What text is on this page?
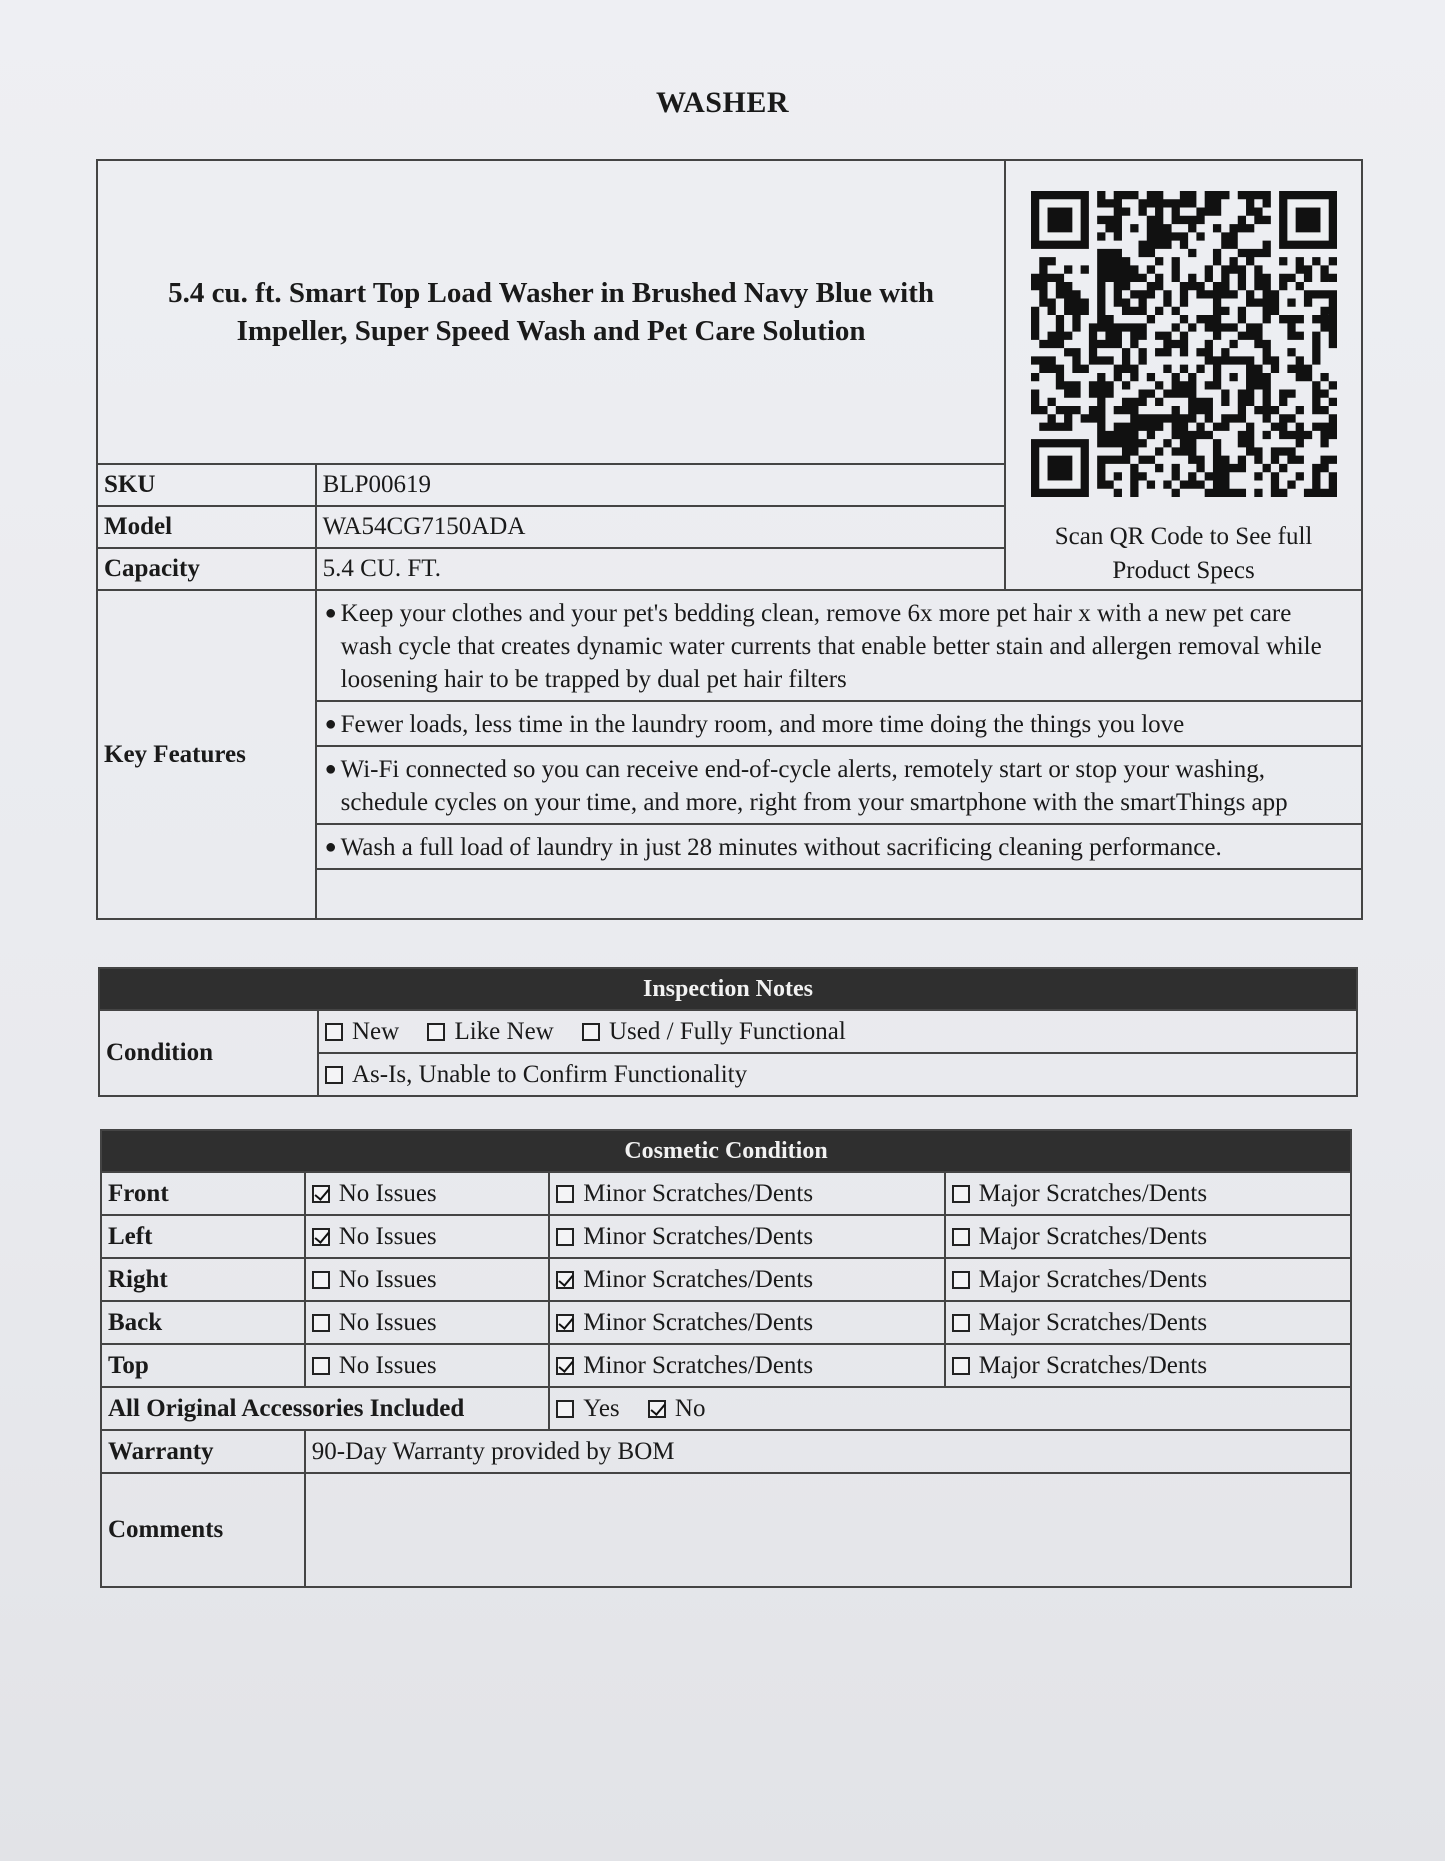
WASHER
5.4 cu. ft. Smart Top Load Washer in Brushed Navy Blue with
Impeller, Super Speed Wash and Pet Care Solution	
Scan QR Code to See full
Product Specs

SKU	BLP00619
Model	WA54CG7150ADA
Capacity	5.4 CU. FT.
Key Features	
● Keep your clothes and your pet's bedding clean, remove 6x more pet hair x with a new pet care wash cycle that creates dynamic water currents that enable better stain and allergen removal while loosening hair to be trapped by dual pet hair filters
● Fewer loads, less time in the laundry room, and more time doing the things you love
● Wi-Fi connected so you can receive end-of-cycle alerts, remotely start or stop your washing, schedule cycles on your time, and more, right from your smartphone with the smartThings app
● Wash a full load of laundry in just 28 minutes without sacrificing cleaning performance.

Inspection Notes
Condition	New Like New Used / Fully Functional
As-Is, Unable to Confirm Functionality
Cosmetic Condition			
Front	No Issues	Minor Scratches/Dents	Major Scratches/Dents
Left	No Issues	Minor Scratches/Dents	Major Scratches/Dents
Right	No Issues	Minor Scratches/Dents	Major Scratches/Dents
Back	No Issues	Minor Scratches/Dents	Major Scratches/Dents
Top	No Issues	Minor Scratches/Dents	Major Scratches/Dents
All Original Accessories Included		Yes No	
Warranty	90-Day Warranty provided by BOM		
Comments			
